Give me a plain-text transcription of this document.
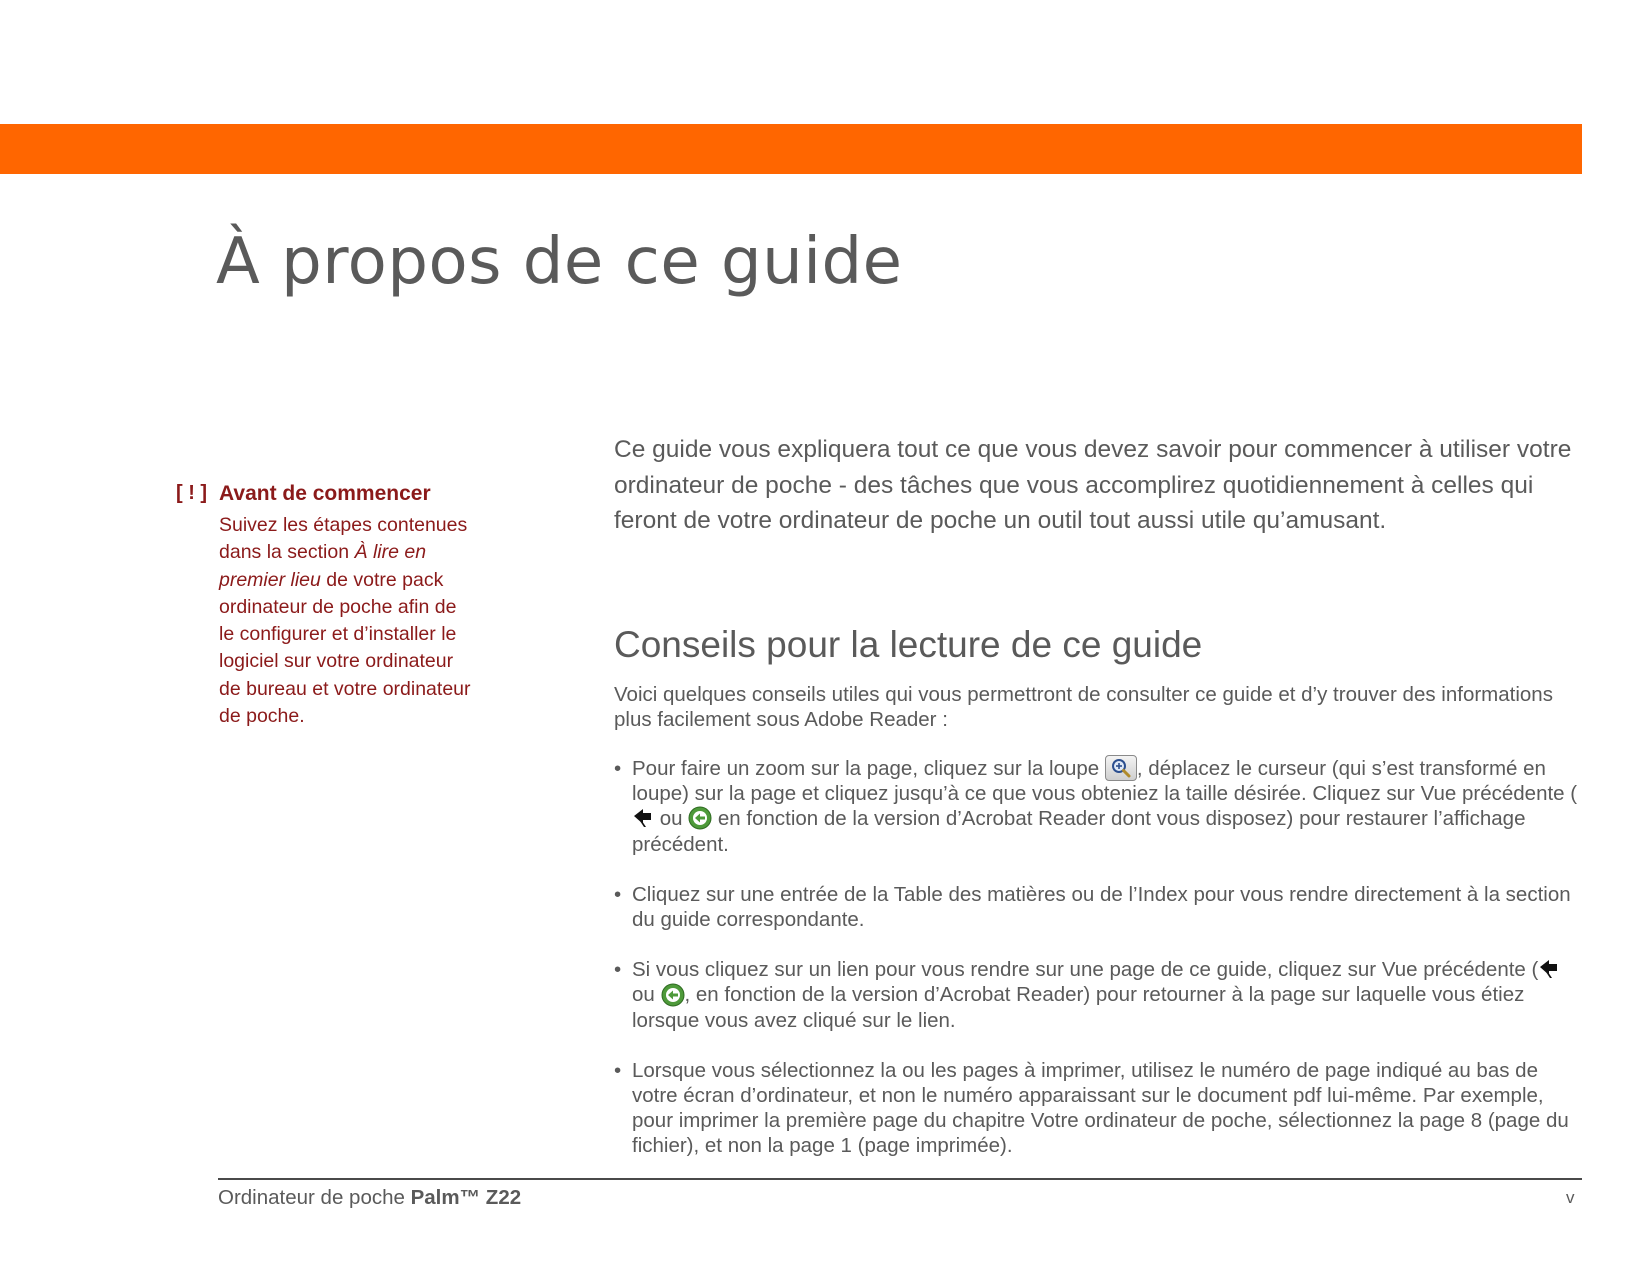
À propos de ce guide
[ ! ] Avant de commencer
Suivez les étapes contenues dans la section À lire en premier lieu de votre pack ordinateur de poche afin de le configurer et d’installer le logiciel sur votre ordinateur de bureau et votre ordinateur de poche.

Ce guide vous expliquera tout ce que vous devez savoir pour commencer à utiliser votre ordinateur de poche - des tâches que vous accomplirez quotidiennement à celles qui feront de votre ordinateur de poche un outil tout aussi utile qu’amusant.

Conseils pour la lecture de ce guide

Voici quelques conseils utiles qui vous permettront de consulter ce guide et d’y trouver des informations plus facilement sous Adobe Reader :

• Pour faire un zoom sur la page, cliquez sur la loupe , déplacez le curseur (qui s’est transformé en loupe) sur la page et cliquez jusqu’à ce que vous obteniez la taille désirée. Cliquez sur Vue précédente ( ou  en fonction de la version d’Acrobat Reader dont vous disposez) pour restaurer l’affichage précédent.
• Cliquez sur une entrée de la Table des matières ou de l’Index pour vous rendre directement à la section du guide correspondante.
• Si vous cliquez sur un lien pour vous rendre sur une page de ce guide, cliquez sur Vue précédente ( ou , en fonction de la version d’Acrobat Reader) pour retourner à la page sur laquelle vous étiez lorsque vous avez cliqué sur le lien.
• Lorsque vous sélectionnez la ou les pages à imprimer, utilisez le numéro de page indiqué au bas de votre écran d’ordinateur, et non le numéro apparaissant sur le document pdf lui-même. Par exemple, pour imprimer la première page du chapitre Votre ordinateur de poche, sélectionnez la page 8 (page du fichier), et non la page 1 (page imprimée).
Ordinateur de poche Palm™ Z22	v
